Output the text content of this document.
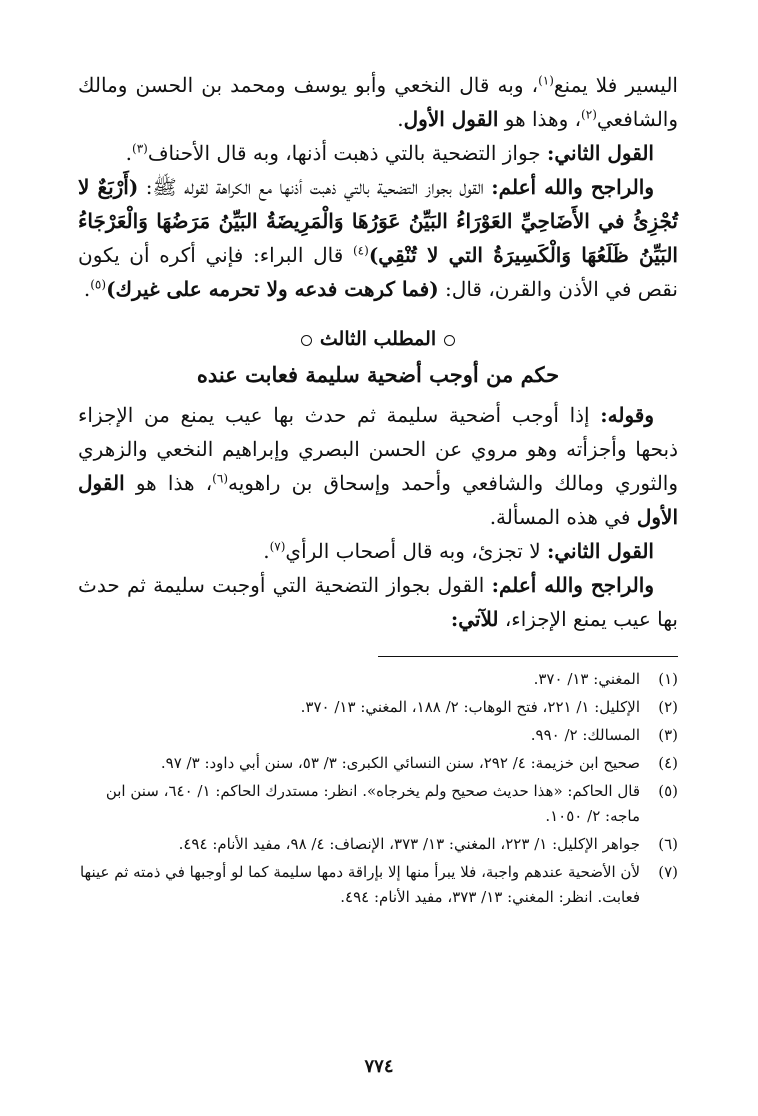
اليسير فلا يمنع$^{(١)}$، وبه قال النخعي وأبو يوسف ومحمد بن الحسن ومالك والشافعي$^{(٢)}$، وهذا هو القول الأول.

القول الثاني: جواز التضحية بالتي ذهبت أذنها، وبه قال الأحناف$^{(٣)}$.

والراجح والله أعلم: القول بجواز التضحية بالتي ذهبت أذنها مع الكراهة لقوله ﷺ: (أَرْبَعٌ لا تُجْزِئُ في الأَضَاحِيِّ العَوْرَاءُ البَيِّنُ عَوَرُهَا وَالْمَرِيضَةُ البَيِّنُ مَرَضُهَا وَالْعَرْجَاءُ البَيِّنُ ظَلَعُهَا وَالْكَسِيرَةُ التي لا تُنْقِي)$^{(٤)}$ قال البراء: فإني أكره أن يكون نقص في الأذن والقرن، قال: (فما كرهت فدعه ولا تحرمه على غيرك)$^{(٥)}$.

المطلب الثالث
حكم من أوجب أضحية سليمة فعابت عنده

وقوله: إذا أوجب أضحية سليمة ثم حدث بها عيب يمنع من الإجزاء ذبحها وأجزأته وهو مروي عن الحسن البصري وإبراهيم النخعي والزهري والثوري ومالك والشافعي وأحمد وإسحاق بن راهويه$^{(٦)}$، هذا هو القول الأول في هذه المسألة.

القول الثاني: لا تجزئ، وبه قال أصحاب الرأي$^{(٧)}$.

والراجح والله أعلم: القول بجواز التضحية التي أوجبت سليمة ثم حدث بها عيب يمنع الإجزاء، للآتي:

(١)
المغني: ١٣/ ٣٧٠.
(٢)
الإكليل: ١/ ٢٢١، فتح الوهاب: ٢/ ١٨٨، المغني: ١٣/ ٣٧٠.
(٣)
المسالك: ٢/ ٩٩٠.
(٤)
صحيح ابن خزيمة: ٤/ ٢٩٢، سنن النسائي الكبرى: ٣/ ٥٣، سنن أبي داود: ٣/ ٩٧.
(٥)
قال الحاكم: «هذا حديث صحيح ولم يخرجاه». انظر: مستدرك الحاكم: ١/ ٦٤٠، سنن ابن ماجه: ٢/ ١٠٥٠.
(٦)
جواهر الإكليل: ١/ ٢٢٣، المغني: ١٣/ ٣٧٣، الإنصاف: ٤/ ٩٨، مفيد الأنام: ٤٩٤.
(٧)
لأن الأضحية عندهم واجبة، فلا يبرأ منها إلا بإراقة دمها سليمة كما لو أوجبها في ذمته ثم عينها فعابت. انظر: المغني: ١٣/ ٣٧٣، مفيد الأنام: ٤٩٤.
٧٧٤
